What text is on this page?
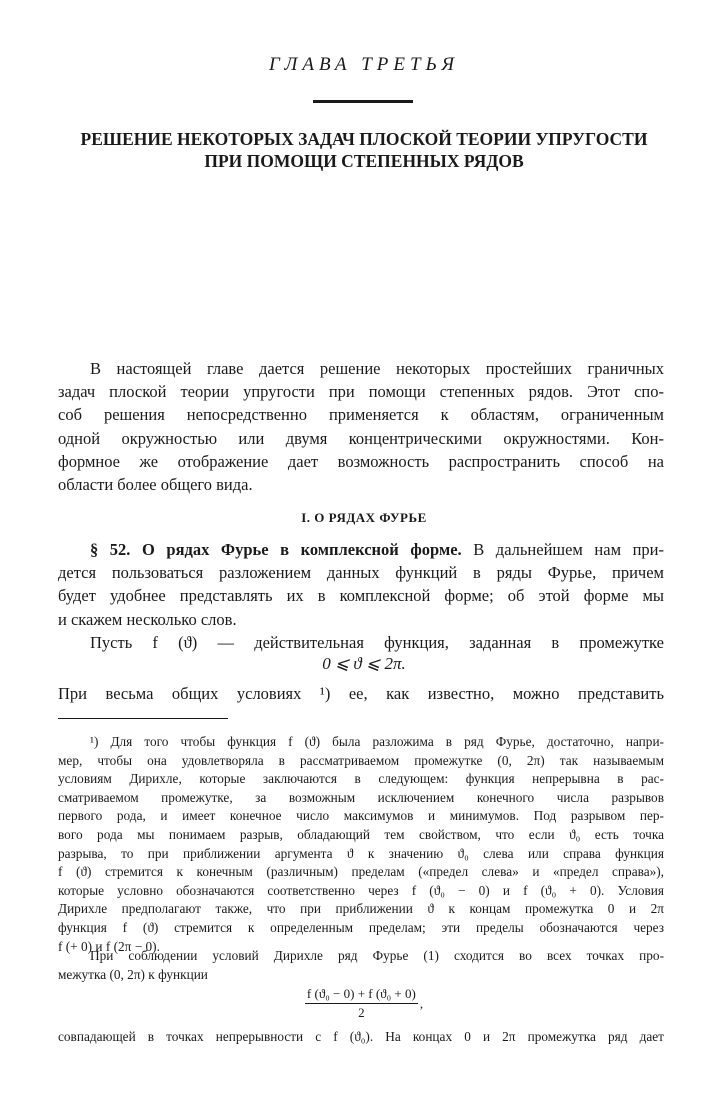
ГЛАВА ТРЕТЬЯ
РЕШЕНИЕ НЕКОТОРЫХ ЗАДАЧ ПЛОСКОЙ ТЕОРИИ УПРУГОСТИ
ПРИ ПОМОЩИ СТЕПЕННЫХ РЯДОВ
В настоящей главе дается решение некоторых простейших граничных
задач плоской теории упругости при помощи степенных рядов. Этот спо-
соб решения непосредственно применяется к областям, ограниченным
одной окружностью или двумя концентрическими окружностями. Кон-
формное же отображение дает возможность распространить способ на
области более общего вида.
I. О РЯДАХ ФУРЬЕ
§ 52. О рядах Фурье в комплексной форме. В дальнейшем нам при-
дется пользоваться разложением данных функций в ряды Фурье, причем
будет удобнее представлять их в комплексной форме; об этой форме мы
и скажем несколько слов.
Пусть f (ϑ) — действительная функция, заданная в промежутке
0 ⩽ ϑ ⩽ 2π.
При весьма общих условиях ¹) ее, как известно, можно представить
¹) Для того чтобы функция f (ϑ) была разложима в ряд Фурье, достаточно, напри-
мер, чтобы она удовлетворяла в рассматриваемом промежутке (0, 2π) так называемым
условиям Дирихле, которые заключаются в следующем: функция непрерывна в рас-
сматриваемом промежутке, за возможным исключением конечного числа разрывов
первого рода, и имеет конечное число максимумов и минимумов. Под разрывом пер-
вого рода мы понимаем разрыв, обладающий тем свойством, что если ϑ₀ есть точка
разрыва, то при приближении аргумента ϑ к значению ϑ₀ слева или справа функция
f (ϑ) стремится к конечным (различным) пределам («предел слева» и «предел справа»),
которые условно обозначаются соответственно через f (ϑ₀ − 0) и f (ϑ₀ + 0). Условия
Дирихле предполагают также, что при приближении ϑ к концам промежутка 0 и 2π
функция f (ϑ) стремится к определенным пределам; эти пределы обозначаются через
f (+ 0) и f (2π − 0).
При соблюдении условий Дирихле ряд Фурье (1) сходится во всех точках про-
межутка (0, 2π) к функции
$\frac{\text{f (ϑ₀ − 0) + f (ϑ₀ + 0)}}{2}$ ,
совпадающей в точках непрерывности с f (ϑ₀). На концах 0 и 2π промежутка ряд дает
